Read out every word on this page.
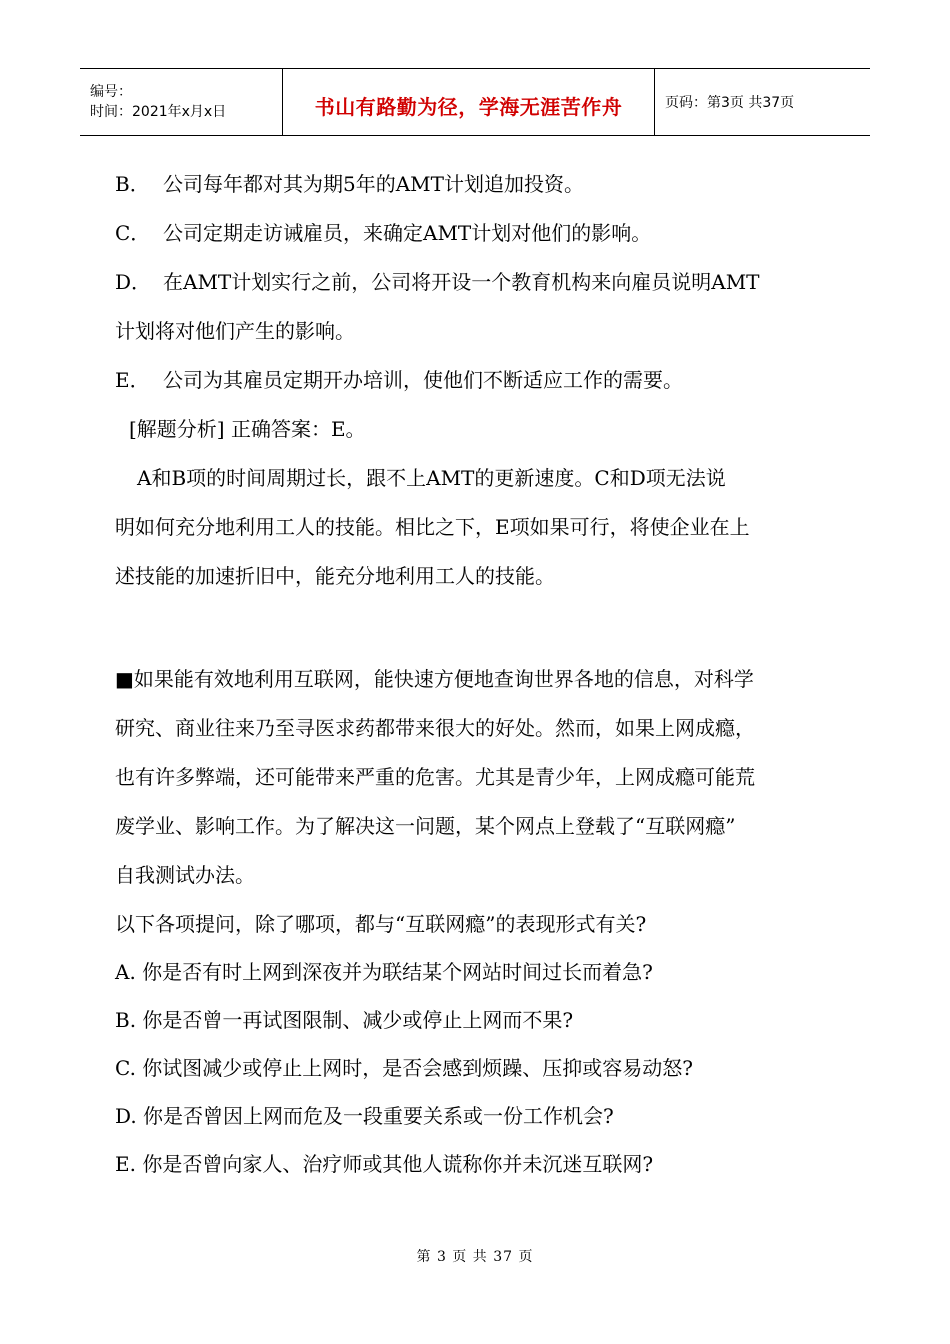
编号：
时间：2021年x月x日	书山有路勤为径，学海无涯苦作舟	页码：第3页 共37页
B． 公司每年都对其为期5年的AMT计划追加投资。
C． 公司定期走访诫雇员，来确定AMT计划对他们的影响。
D． 在AMT计划实行之前，公司将开设一个教育机构来向雇员说明AMT
计划将对他们产生的影响。
E． 公司为其雇员定期开办培训，使他们不断适应工作的需要。
[解题分析] 正确答案：E。
A和B项的时间周期过长，跟不上AMT的更新速度。C和D项无法说
明如何充分地利用工人的技能。相比之下，E项如果可行，将使企业在上
述技能的加速折旧中，能充分地利用工人的技能。
■如果能有效地利用互联网，能快速方便地查询世界各地的信息，对科学
研究、商业往来乃至寻医求药都带来很大的好处。然而，如果上网成瘾，
也有许多弊端，还可能带来严重的危害。尤其是青少年，上网成瘾可能荒
废学业、影响工作。为了解决这一问题，某个网点上登载了“互联网瘾”
自我测试办法。
以下各项提问，除了哪项，都与“互联网瘾”的表现形式有关?
A. 你是否有时上网到深夜并为联结某个网站时间过长而着急?
B. 你是否曾一再试图限制、减少或停止上网而不果?
C. 你试图减少或停止上网时，是否会感到烦躁、压抑或容易动怒?
D. 你是否曾因上网而危及一段重要关系或一份工作机会?
E. 你是否曾向家人、治疗师或其他人谎称你并未沉迷互联网?
第 3 页 共 37 页
